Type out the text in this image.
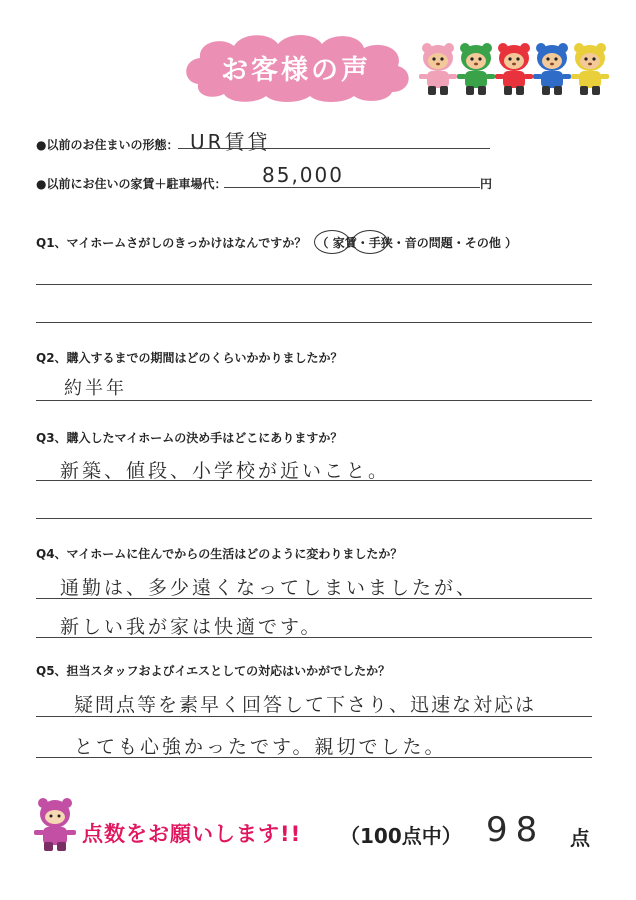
お客様の声
●以前のお住まいの形態： UR賃貸
●以前にお住いの家賃＋駐車場代： 85,000	円
Q1、マイホームさがしのきっかけはなんですか？ （ 家賃・手狭・音の問題・その他 ）
Q2、購入するまでの期間はどのくらいかかりましたか？
約半年
Q3、購入したマイホームの決め手はどこにありますか？
新築、値段、小学校が近いこと。
Q4、マイホームに住んでからの生活はどのように変わりましたか？
通勤は、多少遠くなってしまいましたが、
新しい我が家は快適です。
Q5、担当スタッフおよびイエスとしての対応はいかがでしたか？
疑問点等を素早く回答して下さり、迅速な対応は
とても心強かったです。親切でした。
点数をお願いします!! （100点中） 98 点
